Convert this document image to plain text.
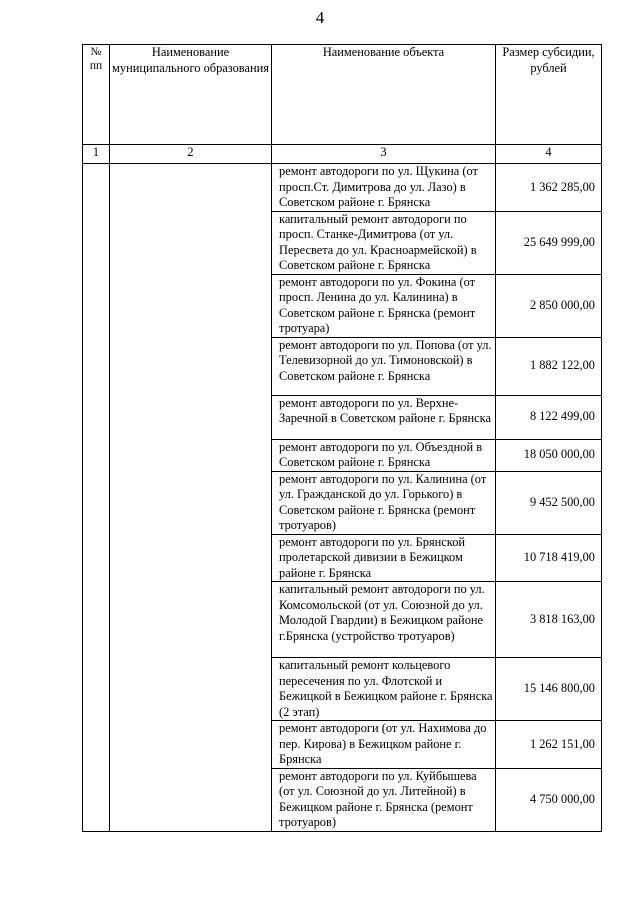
4
№ пп	Наименование муниципального образования	Наименование объекта	Размер субсидии, рублей
1	2	3	4
		ремонт автодороги по ул. Щукина (от просп.Ст. Димитрова до ул. Лазо) в Советском районе г. Брянска	1 362 285,00
		капитальный ремонт автодороги по просп. Станке-Димитрова (от ул. Пересвета до ул. Красноармейской) в Советском районе г. Брянска	25 649 999,00
		ремонт автодороги по ул. Фокина (от просп. Ленина до ул. Калинина) в Советском районе г. Брянска (ремонт тротуара)	2 850 000,00
		ремонт автодороги по ул. Попова (от ул. Телевизорной до ул. Тимоновской) в Советском районе г. Брянска	1 882 122,00
		ремонт автодороги по ул. Верхне-Заречной в Советском районе г. Брянска	8 122 499,00
		ремонт автодороги по ул. Объездной в Советском районе г. Брянска	18 050 000,00
		ремонт автодороги по ул. Калинина (от ул. Гражданской до ул. Горького) в Советском районе г. Брянска (ремонт тротуаров)	9 452 500,00
		ремонт автодороги по ул. Брянской пролетарской дивизии в Бежицком районе г. Брянска	10 718 419,00
		капитальный ремонт автодороги по ул. Комсомольской (от ул. Союзной до ул. Молодой Гвардии) в Бежицком районе г.Брянска (устройство тротуаров)	3 818 163,00
		капитальный ремонт кольцевого пересечения по ул. Флотской и Бежицкой в Бежицком районе г. Брянска (2 этап)	15 146 800,00
		ремонт автодороги (от ул. Нахимова до пер. Кирова) в Бежицком районе г. Брянска	1 262 151,00
		ремонт автодороги по ул. Куйбышева (от ул. Союзной до ул. Литейной) в Бежицком районе г. Брянска (ремонт тротуаров)	4 750 000,00
